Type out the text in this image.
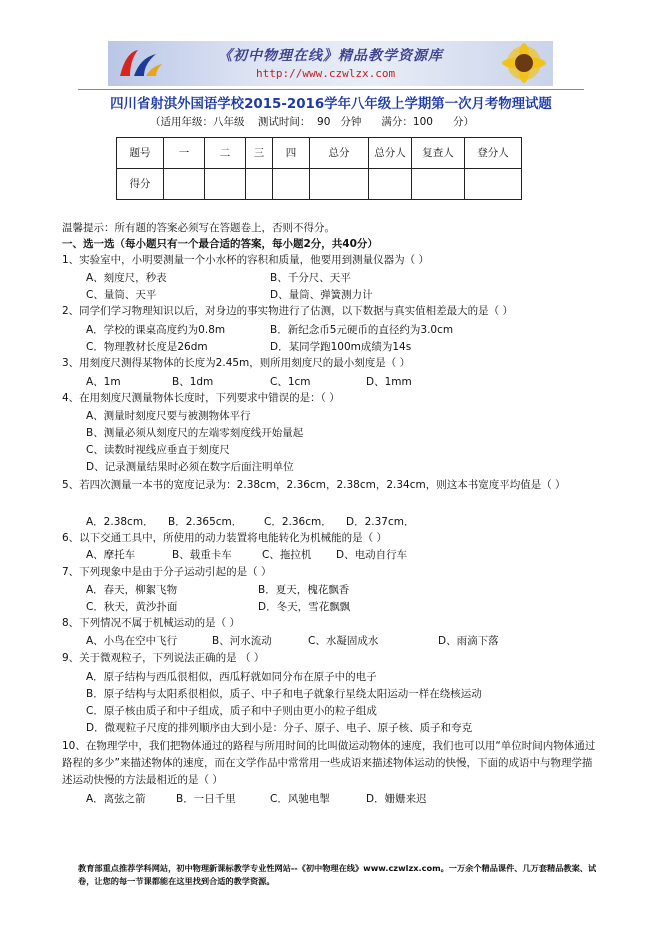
《初中物理在线》精品教学资源库
http://www.czwlzx.com
四川省射淇外国语学校2015-2016学年八年级上学期第一次月考物理试题
（适用年级：八年级    测试时间：  90   分钟      满分：100      分）
题号	一	二	三	四	总分	总分人	复查人	登分人
得分								
温馨提示：所有题的答案必须写在答题卷上，否则不得分。
一、选一选（每小题只有一个最合适的答案，每小题2分，共40分）
1、实验室中，小明要测量一个小水杯的容积和质量，他要用到测量仪器为（ ）
A、刻度尺，秒表	B、千分尺、天平
C、量筒、天平	D、量筒、弹簧测力计
2、同学们学习物理知识以后，对身边的事实物进行了估测，以下数据与真实值相差最大的是（ ）
A．学校的课桌高度约为0.8m	B．新纪念币5元硬币的直径约为3.0cm
C．物理教材长度是26dm	D．某同学跑100m成绩为14s
3、用刻度尺测得某物体的长度为2.45m，则所用刻度尺的最小刻度是（ ）
A、1m	B、1dm	C、1cm	D、1mm
4、在用刻度尺测量物体长度时，下列要求中错误的是：（ ）
A、测量时刻度尺要与被测物体平行
B、测量必须从刻度尺的左端零刻度线开始量起
C、读数时视线应垂直于刻度尺
D、记录测量结果时必须在数字后面注明单位
5、若四次测量一本书的宽度记录为：2.38cm，2.36cm，2.38cm，2.34cm，则这本书宽度平均值是（ ）
A．2.38cm． B．2.365cm． C．2.36cm． D．2.37cm．
6、以下交通工具中，所使用的动力装置将电能转化为机械能的是（ ）
A、摩托车	B、载重卡车	C、拖拉机 D、电动自行车
7、下列现象中是由于分子运动引起的是（ ）
A．春天，柳絮飞物	B．夏天，槐花飘香
C．秋天，黄沙扑面	D．冬天，雪花飘飘
8、下列情况不属于机械运动的是（ ）
A、小鸟在空中飞行	B、河水流动	C、水凝固成水	D、雨滴下落
9、关于微观粒子，下列说法正确的是 （ ）
A．原子结构与西瓜很相似，西瓜籽就如同分布在原子中的电子
B．原子结构与太阳系很相似，质子、中子和电子就象行星绕太阳运动一样在绕核运动
C．原子核由质子和中子组成，质子和中子则由更小的粒子组成
D．微观粒子尺度的排列顺序由大到小是：分子、原子、电子、原子核、质子和夸克
10、在物理学中，我们把物体通过的路程与所用时间的比叫做运动物体的速度，我们也可以用“单位时间内物体通过路程的多少”来描述物体的速度，而在文学作品中常常用一些成语来描述物体运动的快慢，下面的成语中与物理学描述运动快慢的方法最相近的是（ ）
A．离弦之箭	B．一日千里	C．风驰电掣	D．姗姗来迟
教育部重点推荐学科网站，初中物理新课标教学专业性网站--《初中物理在线》www.czwlzx.com。一万余个精品课件、几万套精品教案、试卷，让您的每一节课都能在这里找到合适的教学资源。
